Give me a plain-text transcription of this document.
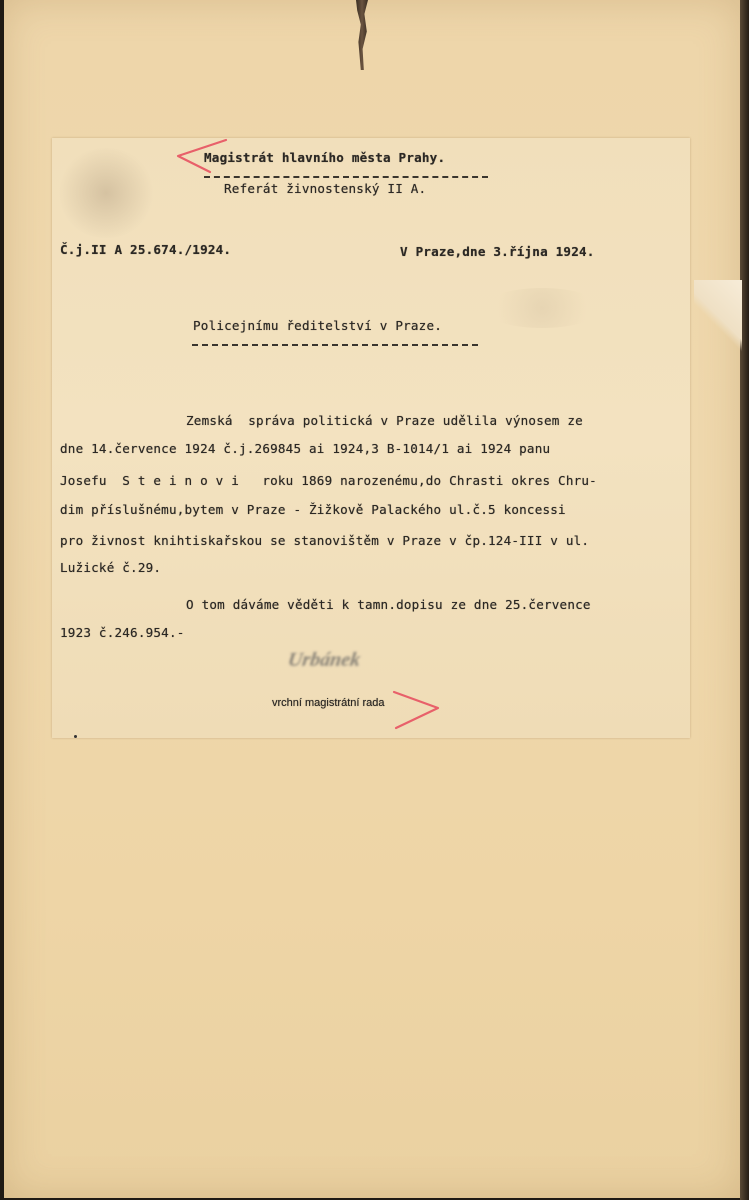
Magistrát hlavního města Prahy.
Referát živnostenský II A.
Č.j.II A 25.674./1924.	V Praze,dne 3.října 1924.
Policejnímu ředitelství v Praze.
Zemská  správa politická v Praze udělila výnosem ze
dne 14.července 1924 č.j.269845 ai 1924,3 B-1014/1 ai 1924 panu
Josefu  S t e i n o v i   roku 1869 narozenému,do Chrasti okres Chru-
dim příslušnému,bytem v Praze - Žižkově Palackého ul.č.5 koncessi
pro živnost knihtiskařskou se stanovištěm v Praze v čp.124-III v ul.
Lužické č.29.
O tom dáváme věděti k tamn.dopisu ze dne 25.července
1923 č.246.954.-
Urbánek
vrchní magistrátní rada
